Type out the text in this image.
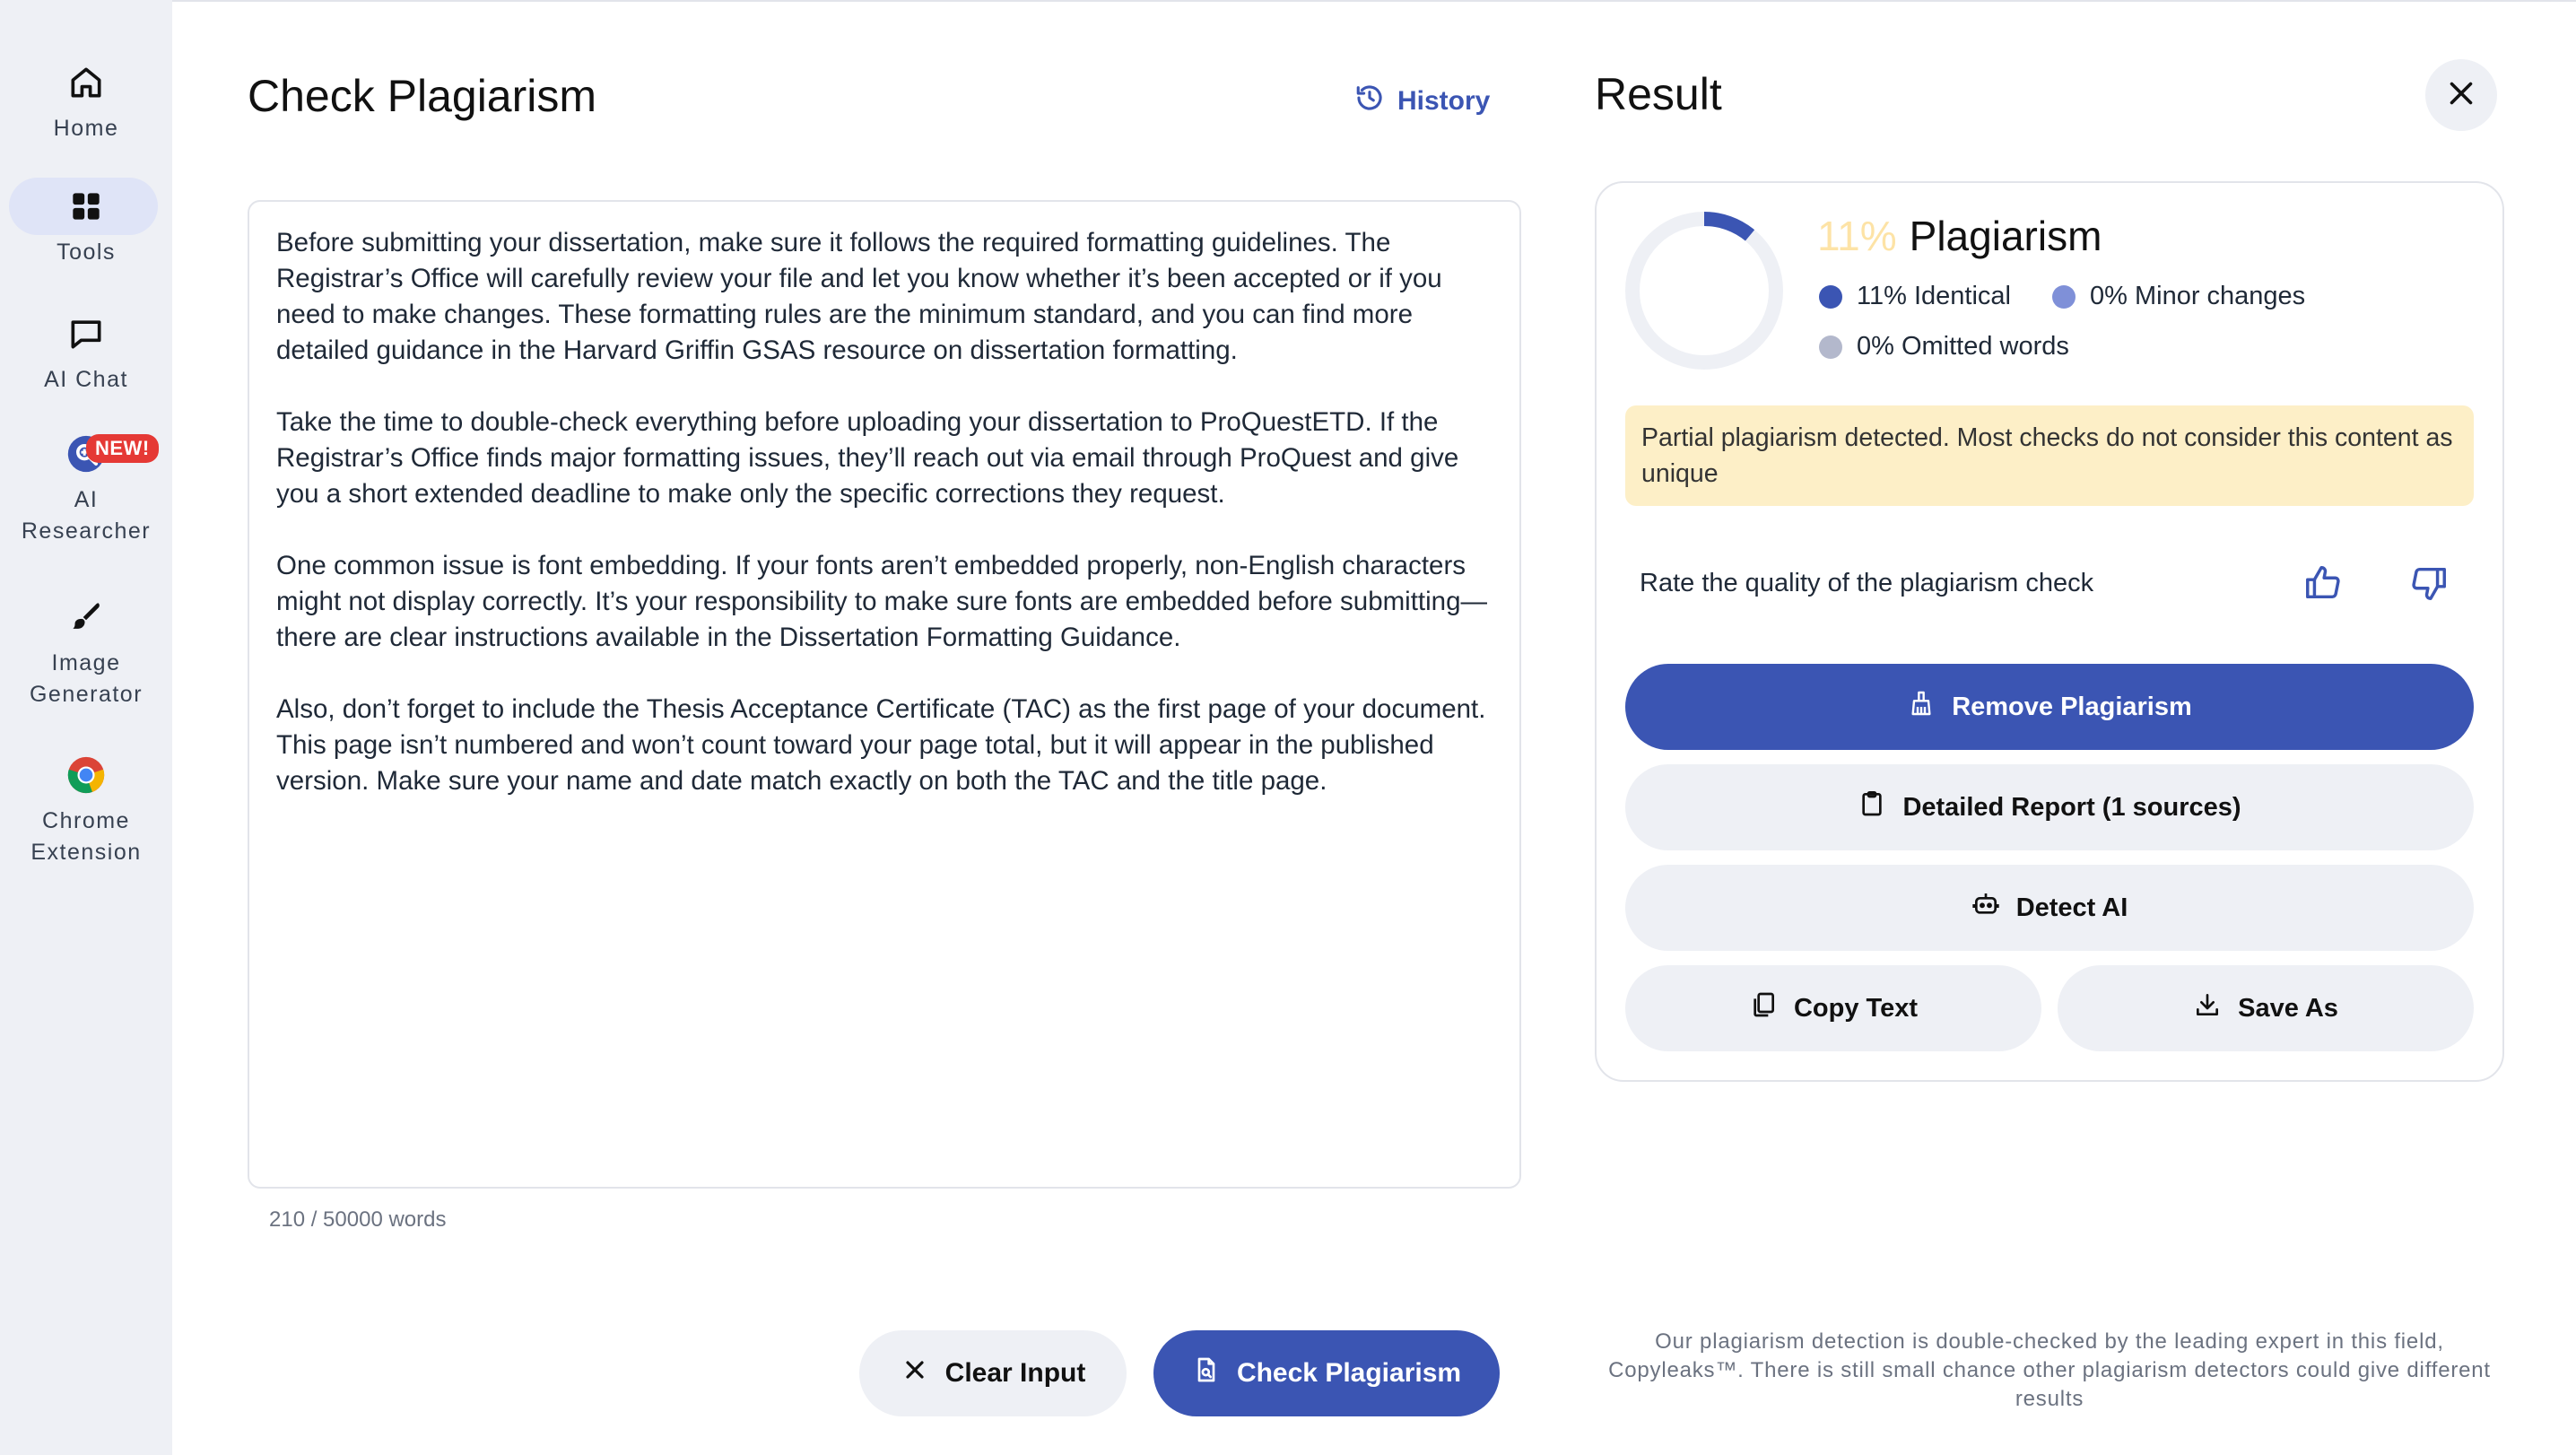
Home
Tools
AI Chat
AI
Researcher
NEW!
Image
Generator
Chrome
Extension
Check Plagiarism	History

Before submitting your dissertation, make sure it follows the required formatting guidelines. The Registrar’s Office will carefully review your file and let you know whether it’s been accepted or if you need to make changes. These formatting rules are the minimum standard, and you can find more detailed guidance in the Harvard Griffin GSAS resource on dissertation formatting.

Take the time to double-check everything before uploading your dissertation to ProQuestETD. If the Registrar’s Office finds major formatting issues, they’ll reach out via email through ProQuest and give you a short extended deadline to make only the specific corrections they request.

One common issue is font embedding. If your fonts aren’t embedded properly, non-English characters might not display correctly. It’s your responsibility to make sure fonts are embedded before submitting—there are clear instructions available in the Dissertation Formatting Guidance.

Also, don’t forget to include the Thesis Acceptance Certificate (TAC) as the first page of your document. This page isn’t numbered and won’t count toward your page total, but it will appear in the published version. Make sure your name and date match exactly on both the TAC and the title page.

210 / 50000 words
Clear Input	Check Plagiarism
Result
11% Plagiarism
11% Identical	0% Minor changes
0% Omitted words
Partial plagiarism detected. Most checks do not consider this content as unique
Rate the quality of the plagiarism check
Remove Plagiarism
Detailed Report (1 sources)
Detect AI
Copy Text	Save As
Our plagiarism detection is double-checked by the leading expert in this field, Copyleaks™. There is still small chance other plagiarism detectors could give different results
